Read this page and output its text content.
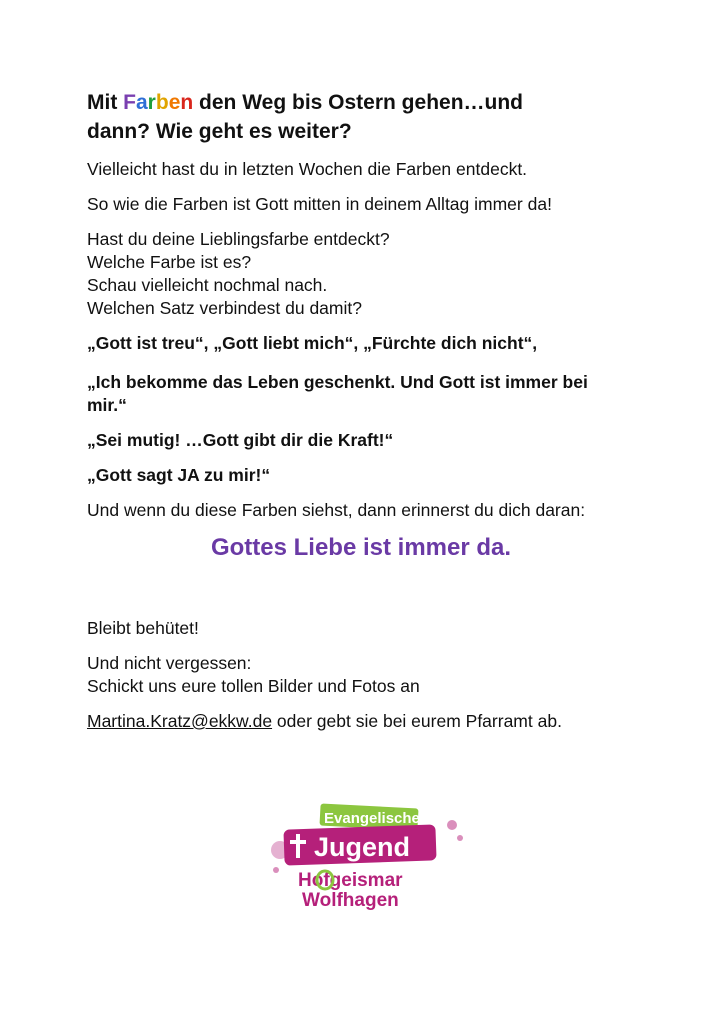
Mit Farben den Weg bis Ostern gehen…und
dann? Wie geht es weiter?
Vielleicht hast du in letzten Wochen die Farben entdeckt.
So wie die Farben ist Gott mitten in deinem Alltag immer da!
Hast du deine Lieblingsfarbe entdeckt?
Welche Farbe ist es?
Schau vielleicht nochmal nach.
Welchen Satz verbindest du damit?
„Gott ist treu“, „Gott liebt mich“, „Fürchte dich nicht“,
„Ich bekomme das Leben geschenkt. Und Gott ist immer bei
mir.“
„Sei mutig! …Gott gibt dir die Kraft!“
„Gott sagt JA zu mir!“
Und wenn du diese Farben siehst, dann erinnerst du dich daran:
Gottes Liebe ist immer da.
Bleibt behütet!
Und nicht vergessen:
Schickt uns eure tollen Bilder und Fotos an
Martina.Kratz@ekkw.de oder gebt sie bei eurem Pfarramt ab.
Evangelische
Jugend
Hofgeismar
Wolfhagen
